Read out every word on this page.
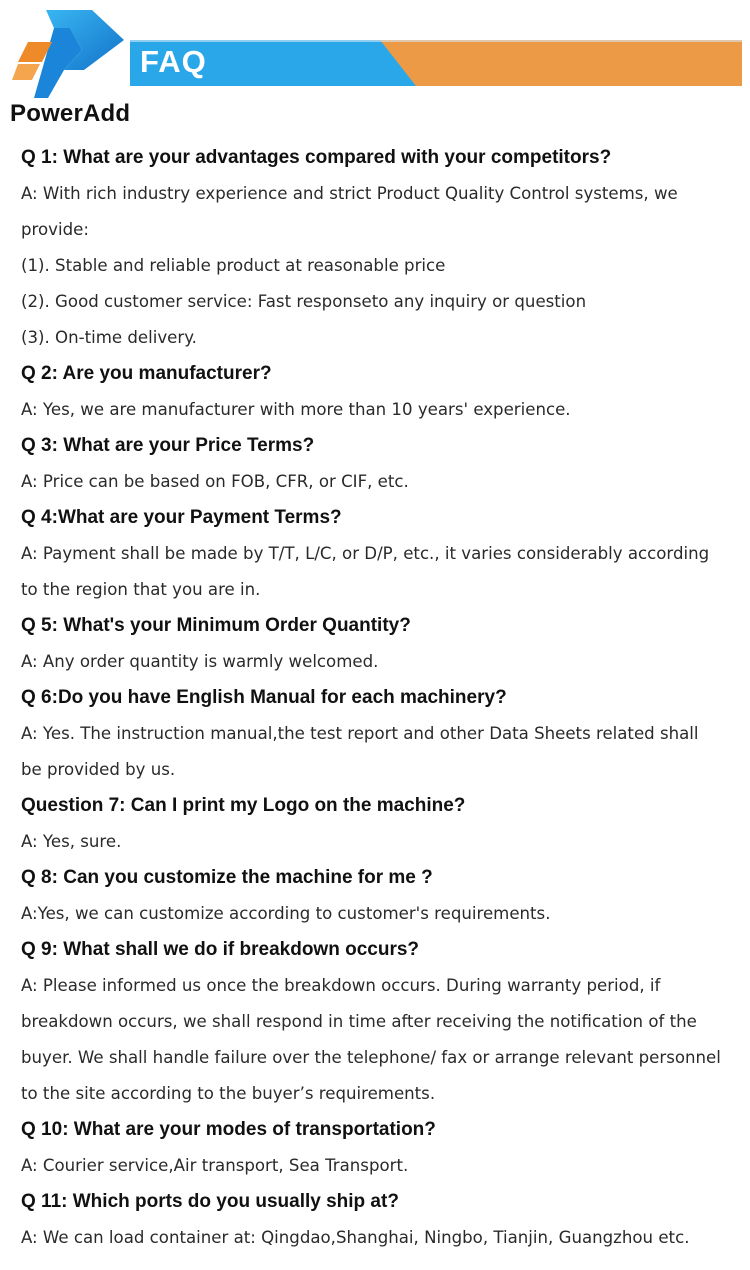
PowerAdd
FAQ
Q 1: What are your advantages compared with your competitors?
A: With rich industry experience and strict Product Quality Control systems, we
provide:
(1). Stable and reliable product at reasonable price
(2). Good customer service: Fast responseto any inquiry or question
(3). On-time delivery.
Q 2: Are you manufacturer?
A: Yes, we are manufacturer with more than 10 years' experience.
Q 3: What are your Price Terms?
A: Price can be based on FOB, CFR, or CIF, etc.
Q 4:What are your Payment Terms?
A: Payment shall be made by T/T, L/C, or D/P, etc., it varies considerably according
to the region that you are in.
Q 5: What's your Minimum Order Quantity?
A: Any order quantity is warmly welcomed.
Q 6:Do you have English Manual for each machinery?
A: Yes. The instruction manual,the test report and other Data Sheets related shall
be provided by us.
Question 7: Can I print my Logo on the machine?
A: Yes, sure.
Q 8: Can you customize the machine for me ?
A:Yes, we can customize according to customer's requirements.
Q 9: What shall we do if breakdown occurs?
A: Please informed us once the breakdown occurs. During warranty period, if
breakdown occurs, we shall respond in time after receiving the notification of the
buyer. We shall handle failure over the telephone/ fax or arrange relevant personnel
to the site according to the buyer’s requirements.
Q 10: What are your modes of transportation?
A: Courier service,Air transport, Sea Transport.
Q 11: Which ports do you usually ship at?
A: We can load container at: Qingdao,Shanghai, Ningbo, Tianjin, Guangzhou etc.
